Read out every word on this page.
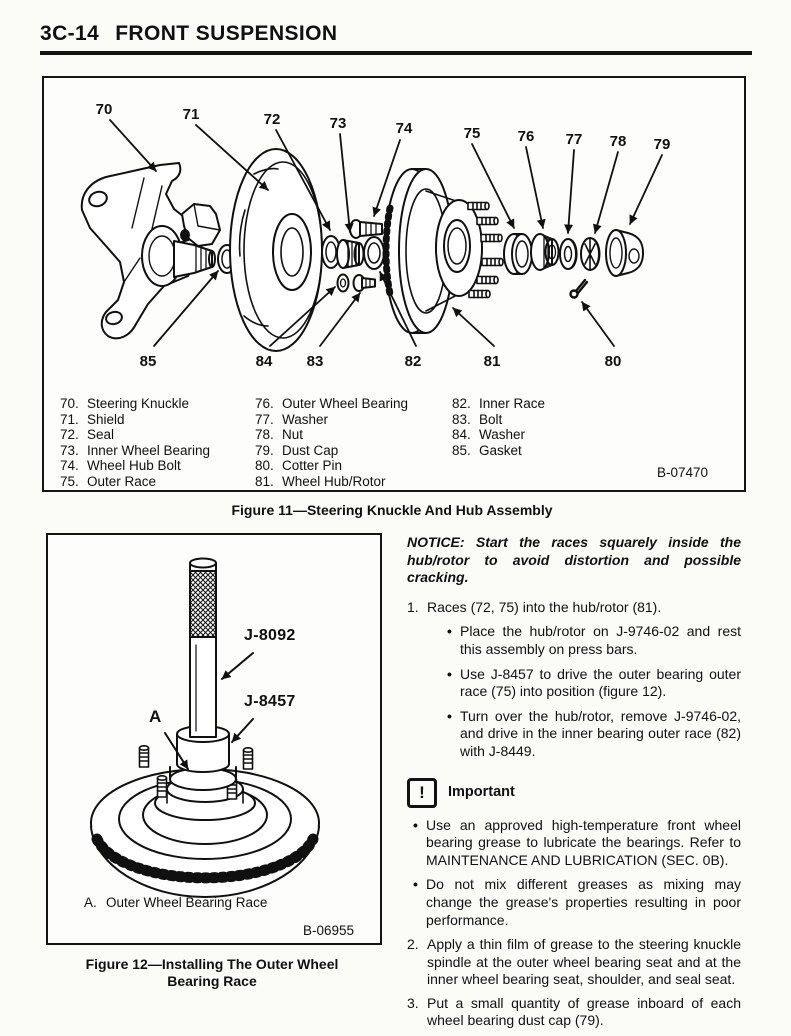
3C-14 FRONT SUSPENSION
70	71	72	73	74	75 76 77 78 79
85	84 83	82	81	80
70. Steering Knuckle
71. Shield
72. Seal
73. Inner Wheel Bearing
74. Wheel Hub Bolt
75. Outer Race
76. Outer Wheel Bearing
77. Washer
78. Nut
79. Dust Cap
80. Cotter Pin
81. Wheel Hub/Rotor
82. Inner Race
83. Bolt
84. Washer
85. Gasket
B-07470
Figure 11—Steering Knuckle And Hub Assembly
J-8092
J-8457
A
A. Outer Wheel Bearing Race
B-06955
Figure 12—Installing The Outer Wheel
Bearing Race

NOTICE: Start the races squarely inside the hub/rotor to avoid distortion and possible cracking.

1. Races (72, 75) into the hub/rotor (81).
• Place the hub/rotor on J-9746-02 and rest this assembly on press bars.
• Use J-8457 to drive the outer bearing outer race (75) into position (figure 12).
• Turn over the hub/rotor, remove J-9746-02, and drive in the inner bearing outer race (82) with J-8449.
!	Important
• Use an approved high-temperature front wheel bearing grease to lubricate the bearings. Refer to MAINTENANCE AND LUBRICATION (SEC. 0B).
• Do not mix different greases as mixing may change the grease's properties resulting in poor performance.
2. Apply a thin film of grease to the steering knuckle spindle at the outer wheel bearing seat and at the inner wheel bearing seat, shoulder, and seal seat.
3. Put a small quantity of grease inboard of each wheel bearing dust cap (79).
